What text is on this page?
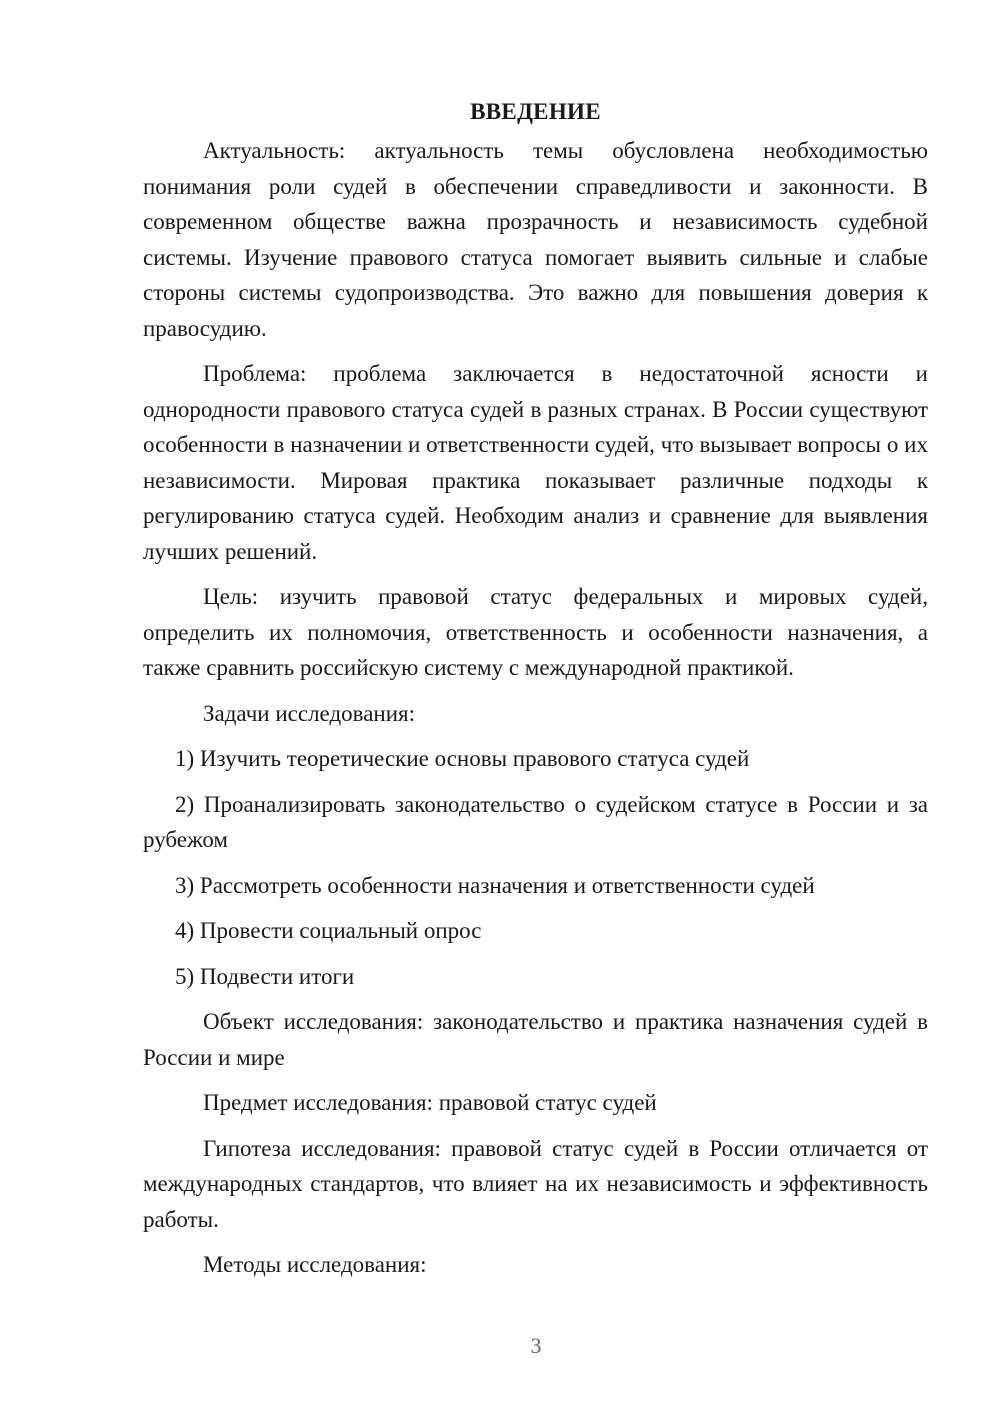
ВВЕДЕНИЕ

Актуальность: актуальность темы обусловлена необходимостью понимания роли судей в обеспечении справедливости и законности. В современном обществе важна прозрачность и независимость судебной системы. Изучение правового статуса помогает выявить сильные и слабые стороны системы судопроизводства. Это важно для повышения доверия к правосудию.

Проблема: проблема заключается в недостаточной ясности и однородности правового статуса судей в разных странах. В России существуют особенности в назначении и ответственности судей, что вызывает вопросы о их независимости. Мировая практика показывает различные подходы к регулированию статуса судей. Необходим анализ и сравнение для выявления лучших решений.

Цель: изучить правовой статус федеральных и мировых судей, определить их полномочия, ответственность и особенности назначения, а также сравнить российскую систему с международной практикой.

Задачи исследования:

1) Изучить теоретические основы правового статуса судей

2) Проанализировать законодательство о судейском статусе в России и за рубежом

3) Рассмотреть особенности назначения и ответственности судей

4) Провести социальный опрос

5) Подвести итоги

Объект исследования: законодательство и практика назначения судей в России и мире

Предмет исследования: правовой статус судей

Гипотеза исследования: правовой статус судей в России отличается от международных стандартов, что влияет на их независимость и эффективность работы.

Методы исследования:

3
